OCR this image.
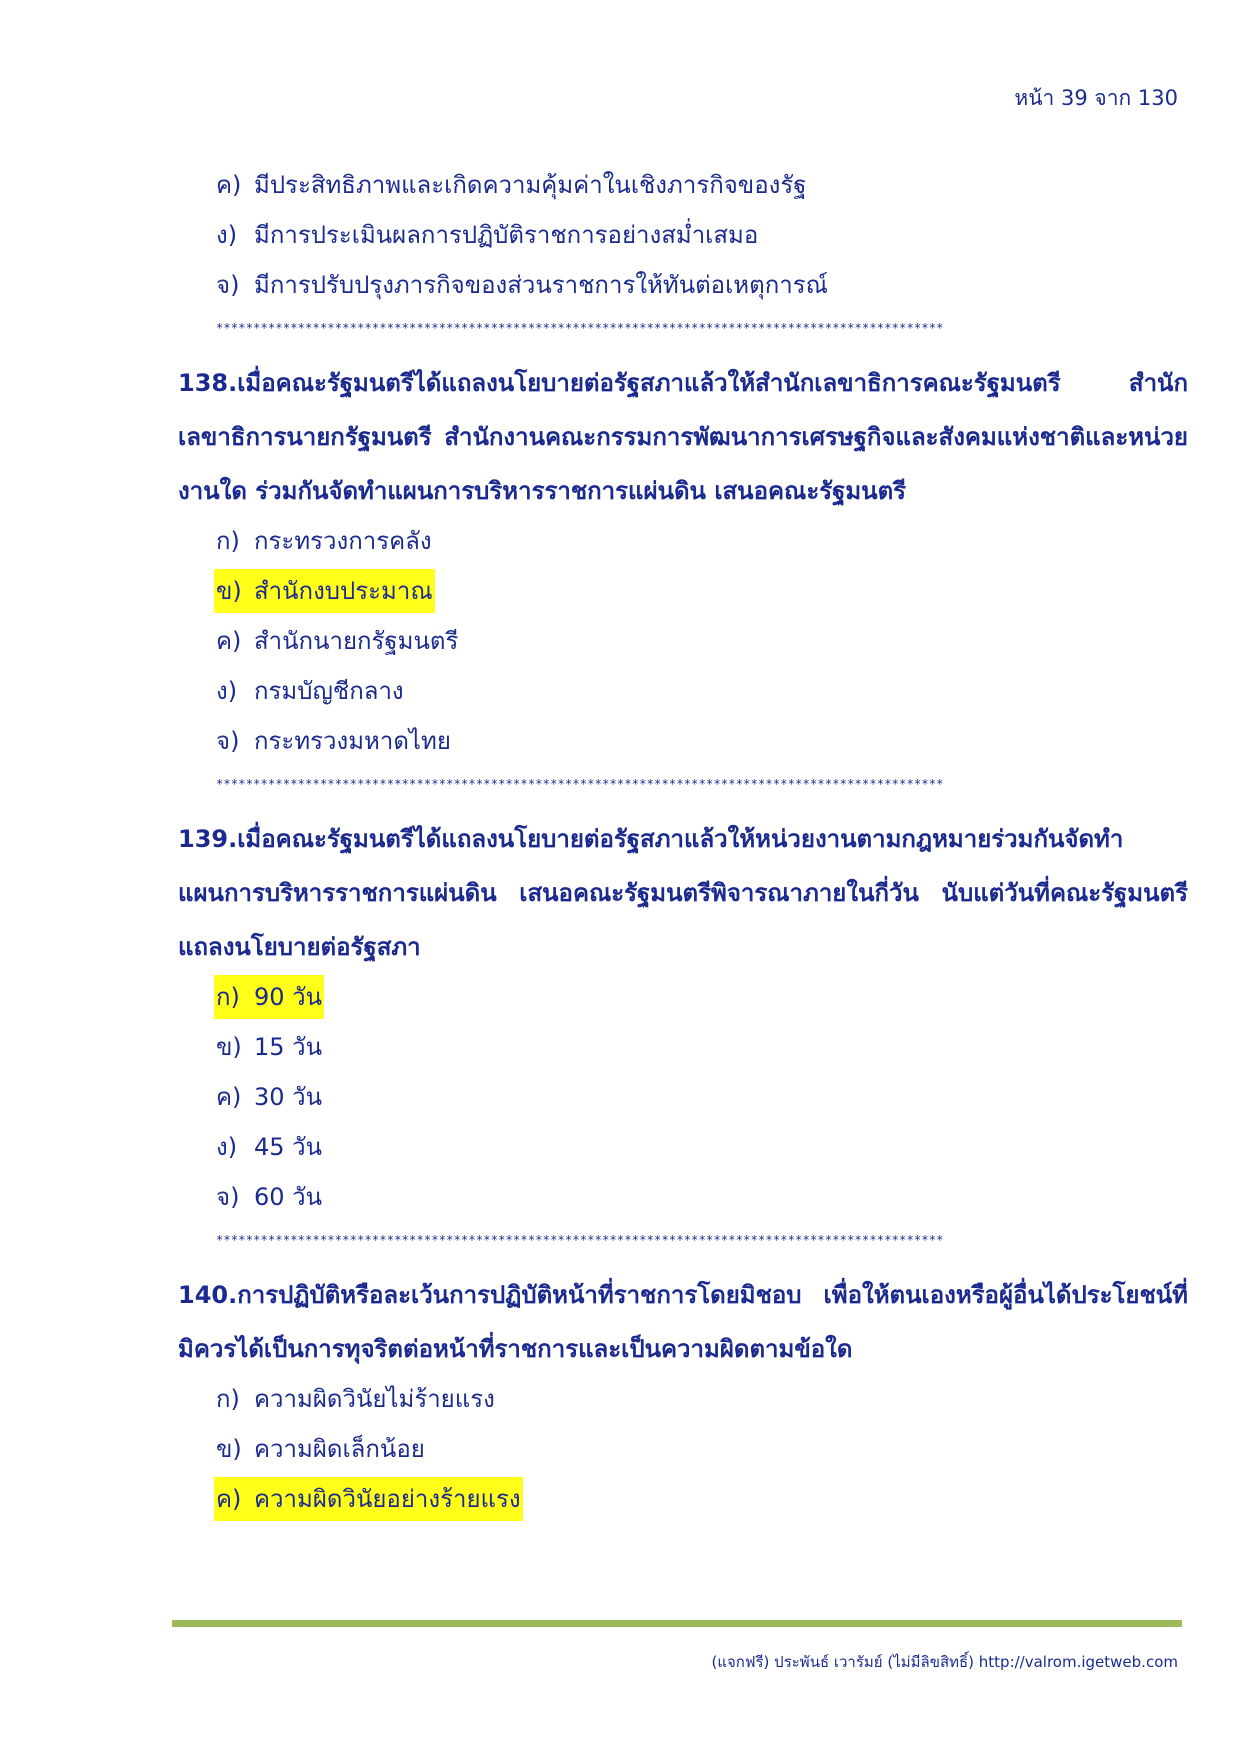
หน้า 39 จาก 130
ค) มีประสิทธิภาพและเกิดความคุ้มค่าในเชิงภารกิจของรัฐ
ง) มีการประเมินผลการปฏิบัติราชการอย่างสม่ำเสมอ
จ) มีการปรับปรุงภารกิจของส่วนราชการให้ทันต่อเหตุการณ์
**************************************************************************************************
138.เมื่อคณะรัฐมนตรีได้แถลงนโยบายต่อรัฐสภาแล้วให้สำนักเลขาธิการคณะรัฐมนตรี สำนักเลขาธิการนายกรัฐมนตรี สำนักงานคณะกรรมการพัฒนาการเศรษฐกิจและสังคมแห่งชาติและหน่วยงานใด ร่วมกันจัดทำแผนการบริหารราชการแผ่นดิน เสนอคณะรัฐมนตรี
ก) กระทรวงการคลัง
ข) สำนักงบประมาณ
ค) สำนักนายกรัฐมนตรี
ง) กรมบัญชีกลาง
จ) กระทรวงมหาดไทย
**************************************************************************************************
139.เมื่อคณะรัฐมนตรีได้แถลงนโยบายต่อรัฐสภาแล้วให้หน่วยงานตามกฎหมายร่วมกันจัดทำแผนการบริหารราชการแผ่นดิน เสนอคณะรัฐมนตรีพิจารณาภายในกี่วัน นับแต่วันที่คณะรัฐมนตรีแถลงนโยบายต่อรัฐสภา
ก) 90 วัน
ข) 15 วัน
ค) 30 วัน
ง) 45 วัน
จ) 60 วัน
**************************************************************************************************
140.การปฏิบัติหรือละเว้นการปฏิบัติหน้าที่ราชการโดยมิชอบ เพื่อให้ตนเองหรือผู้อื่นได้ประโยชน์ที่มิควรได้เป็นการทุจริตต่อหน้าที่ราชการและเป็นความผิดตามข้อใด
ก) ความผิดวินัยไม่ร้ายแรง
ข) ความผิดเล็กน้อย
ค) ความผิดวินัยอย่างร้ายแรง
(แจกฟรี) ประพันธ์ เวารัมย์ (ไม่มีลิขสิทธิ์) http://valrom.igetweb.com
